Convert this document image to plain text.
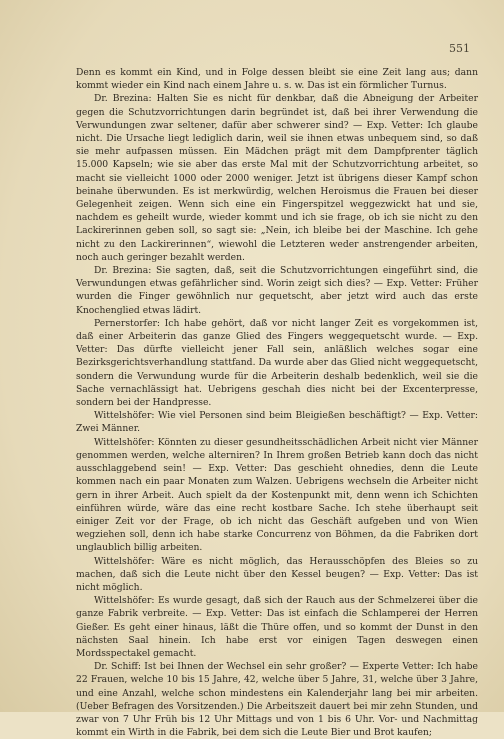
551

Denn es kommt ein Kind, und in Folge dessen bleibt sie eine Zeit lang aus; dann kommt wieder ein Kind nach einem Jahre u. s. w. Das ist ein förmlicher Turnus.

Dr. Brezina: Halten Sie es nicht für denkbar, daß die Abneigung der Arbeiter gegen die Schutzvorrichtungen darin begründet ist, daß bei ihrer Verwendung die Verwundungen zwar seltener, dafür aber schwerer sind? — Exp. Vetter: Ich glaube nicht. Die Ursache liegt lediglich darin, weil sie ihnen etwas unbequem sind, so daß sie mehr aufpassen müssen. Ein Mädchen prägt mit dem Dampfprenter täglich 15.000 Kapseln; wie sie aber das erste Mal mit der Schutzvorrichtung arbeitet, so macht sie vielleicht 1000 oder 2000 weniger. Jetzt ist übrigens dieser Kampf schon beinahe überwunden. Es ist merkwürdig, welchen Heroismus die Frauen bei dieser Gelegenheit zeigen. Wenn sich eine ein Fingerspitzel weggezwickt hat und sie, nachdem es geheilt wurde, wieder kommt und ich sie frage, ob ich sie nicht zu den Lackirerinnen geben soll, so sagt sie: „Nein, ich bleibe bei der Maschine. Ich gehe nicht zu den Lackirerinnen“, wiewohl die Letzteren weder anstrengender arbeiten, noch auch geringer bezahlt werden.

Dr. Brezina: Sie sagten, daß, seit die Schutzvorrichtungen eingeführt sind, die Verwundungen etwas gefährlicher sind. Worin zeigt sich dies? — Exp. Vetter: Früher wurden die Finger gewöhnlich nur gequetscht, aber jetzt wird auch das erste Knochenglied etwas lädirt.

Pernerstorfer: Ich habe gehört, daß vor nicht langer Zeit es vorgekommen ist, daß einer Arbeiterin das ganze Glied des Fingers weggequetscht wurde. — Exp. Vetter: Das dürfte vielleicht jener Fall sein, anläßlich welches sogar eine Bezirksgerichtsverhandlung stattfand. Da wurde aber das Glied nicht weggequetscht, sondern die Verwundung wurde für die Arbeiterin deshalb bedenklich, weil sie die Sache vernachlässigt hat. Uebrigens geschah dies nicht bei der Excenterpresse, sondern bei der Handpresse.

Wittelshöfer: Wie viel Personen sind beim Bleigießen beschäftigt? — Exp. Vetter: Zwei Männer.

Wittelshöfer: Könnten zu dieser gesundheitsschädlichen Arbeit nicht vier Männer genommen werden, welche alterniren? In Ihrem großen Betrieb kann doch das nicht ausschlaggebend sein! — Exp. Vetter: Das geschieht ohnedies, denn die Leute kommen nach ein paar Monaten zum Walzen. Uebrigens wechseln die Arbeiter nicht gern in ihrer Arbeit. Auch spielt da der Kostenpunkt mit, denn wenn ich Schichten einführen würde, wäre das eine recht kostbare Sache. Ich stehe überhaupt seit einiger Zeit vor der Frage, ob ich nicht das Geschäft aufgeben und von Wien wegziehen soll, denn ich habe starke Concurrenz von Böhmen, da die Fabriken dort unglaublich billig arbeiten.

Wittelshöfer: Wäre es nicht möglich, das Herausschöpfen des Bleies so zu machen, daß sich die Leute nicht über den Kessel beugen? — Exp. Vetter: Das ist nicht möglich.

Wittelshöfer: Es wurde gesagt, daß sich der Rauch aus der Schmelzerei über die ganze Fabrik verbreite. — Exp. Vetter: Das ist einfach die Schlamperei der Herren Gießer. Es geht einer hinaus, läßt die Thüre offen, und so kommt der Dunst in den nächsten Saal hinein. Ich habe erst vor einigen Tagen deswegen einen Mordsspectakel gemacht.

Dr. Schiff: Ist bei Ihnen der Wechsel ein sehr großer? — Experte Vetter: Ich habe 22 Frauen, welche 10 bis 15 Jahre, 42, welche über 5 Jahre, 31, welche über 3 Jahre, und eine Anzahl, welche schon mindestens ein Kalenderjahr lang bei mir arbeiten. (Ueber Befragen des Vorsitzenden.) Die Arbeitszeit dauert bei mir zehn Stunden, und zwar von 7 Uhr Früh bis 12 Uhr Mittags und von 1 bis 6 Uhr. Vor- und Nachmittag kommt ein Wirth in die Fabrik, bei dem sich die Leute Bier und Brot kaufen;
